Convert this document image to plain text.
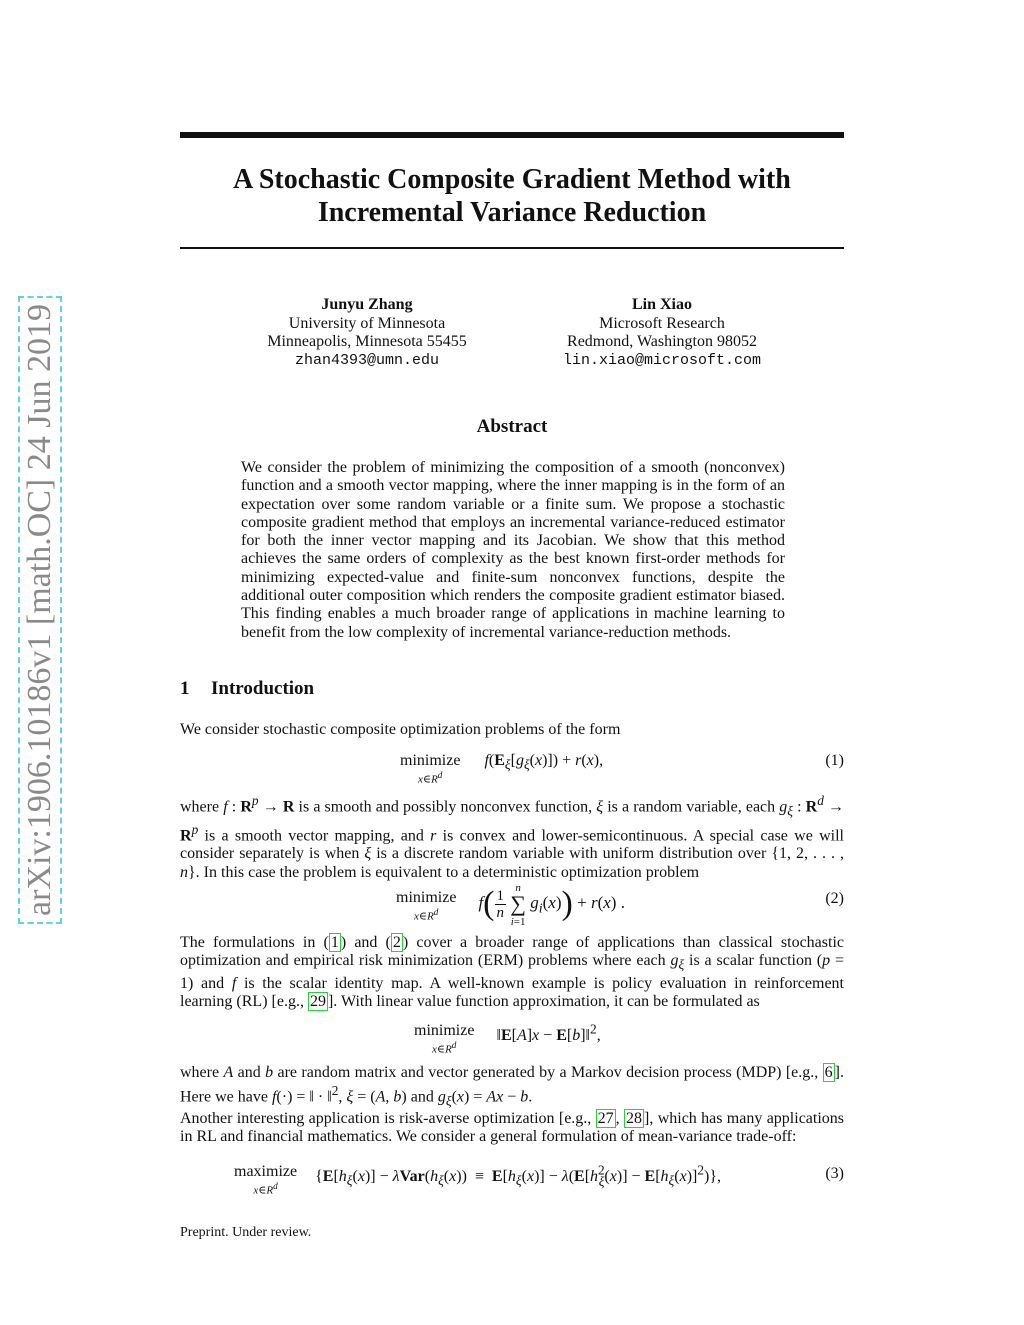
arXiv:1906.10186v1 [math.OC] 24 Jun 2019
A Stochastic Composite Gradient Method with
Incremental Variance Reduction
Junyu Zhang
University of Minnesota
Minneapolis, Minnesota 55455
zhan4393@umn.edu
Lin Xiao
Microsoft Research
Redmond, Washington 98052
lin.xiao@microsoft.com
Abstract
We consider the problem of minimizing the composition of a smooth (nonconvex) function and a smooth vector mapping, where the inner mapping is in the form of an expectation over some random variable or a finite sum. We propose a stochastic composite gradient method that employs an incremental variance-reduced estimator for both the inner vector mapping and its Jacobian. We show that this method achieves the same orders of complexity as the best known first-order methods for minimizing expected-value and finite-sum nonconvex functions, despite the additional outer composition which renders the composite gradient estimator biased. This finding enables a much broader range of applications in machine learning to benefit from the low complexity of incremental variance-reduction methods.
1 Introduction
We consider stochastic composite optimization problems of the form
minimize
$x\in R^d$
$f(E_\xi[g_\xi(x)]) + r(x)$,	(1)
where f : $R^p \to R$ is a smooth and possibly nonconvex function, ξ is a random variable, each $g_\xi$ : $R^d \to R^p$ is a smooth vector mapping, and r is convex and lower-semicontinuous. A special case we will consider separately is when ξ is a discrete random variable with uniform distribution over {1, 2, . . . , n}. In this case the problem is equivalent to a deterministic optimization problem
minimize
$x\in R^d$
f( 1
n n
∑
i=1 $g_i(x)) + r(x)$ .	(2)
The formulations in ( 1 ) and ( 2 ) cover a broader range of applications than classical stochastic optimization and empirical risk minimization (ERM) problems where each $g_\xi$ is a scalar function (p = 1) and f is the scalar identity map. A well-known example is policy evaluation in reinforcement learning (RL) [e.g., 29 ]. With linear value function approximation, it can be formulated as
minimize
$x\in R^d$
‖E[A]x − E[b]‖$^2$,
where A and b are random matrix and vector generated by a Markov decision process (MDP) [e.g., 6 ]. Here we have f(·) = ‖ · ‖$^2$, ξ = (A, b) and $g_\xi(x) = Ax - b$.
Another interesting application is risk-averse optimization [e.g., 27 , 28 ], which has many applications in RL and financial mathematics. We consider a general formulation of mean-variance trade-off:
maximize
$x\in R^d$
$\{E[h_\xi(x)] - \lambda Var(h_\xi(x)) \equiv E[h_\xi(x)] - \lambda(E[h^2_\xi(x)] - E[h_\xi(x)]^2)\}$,	(3)
Preprint. Under review.
